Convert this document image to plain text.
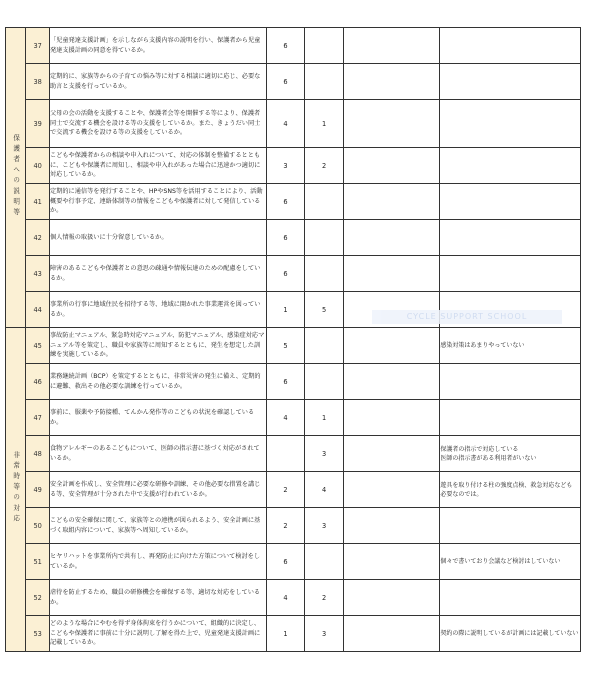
保護者への説明等	37	「児童発達支援計画」を示しながら支援内容の説明を行い、保護者から児童発達支援計画の同意を得ているか。	6			
	38	定期的に、家族等からの子育ての悩み等に対する相談に適切に応じ、必要な助言と支援を行っているか。	6			
	39	父母の会の活動を支援することや、保護者会等を開催する等により、保護者同士で交流する機会を設ける等の支援をしているか。また、きょうだい同士で交流する機会を設ける等の支援をしているか。	4	1		
	40	こどもや保護者からの相談や申入れについて、対応の体制を整備するとともに、こどもや保護者に周知し、相談や申入れがあった場合に迅速かつ適切に対応しているか。	3	2		
	41	定期的に通信等を発行することや、HPやSNS等を活用することにより、活動概要や行事予定、連絡体制等の情報をこどもや保護者に対して発信しているか。	6			
	42	個人情報の取扱いに十分留意しているか。	6			
	43	障害のあるこどもや保護者との意思の疎通や情報伝達のための配慮をしているか。	6			
	44	事業所の行事に地域住民を招待する等、地域に開かれた事業運営を図っているか。	1	5		
非常時等の対応	45	事故防止マニュアル、緊急時対応マニュアル、防犯マニュアル、感染症対応マニュアル等を策定し、職員や家族等に周知するとともに、発生を想定した訓練を実施しているか。	5			感染対策はあまりやっていない
	46	業務継続計画（BCP）を策定するとともに、非常災害の発生に備え、定期的に避難、救出その他必要な訓練を行っているか。	6			
	47	事前に、服薬や予防接種、てんかん発作等のこどもの状況を確認しているか。	4	1		
	48	食物アレルギーのあるこどもについて、医師の指示書に基づく対応がされているか。		3		保護者の指示で対応している
医師の指示書がある利用者がいない
	49	安全計画を作成し、安全管理に必要な研修や訓練、その他必要な措置を講じる等、安全管理が十分された中で支援が行われているか。	2	4		遊具を取り付ける柱の強度点検、救急対応なども
必要なのでは。
	50	こどもの安全確保に関して、家族等との連携が図られるよう、安全計画に基づく取組内容について、家族等へ周知しているか。	2	3		
	51	ヒヤリハットを事業所内で共有し、再発防止に向けた方策について検討をしているか。	6			個々で書いており会議など検討はしていない
	52	虐待を防止するため、職員の研修機会を確保する等、適切な対応をしているか。	4	2		
	53	どのような場合にやむを得ず身体拘束を行うかについて、組織的に決定し、こどもや保護者に事前に十分に説明し了解を得た上で、児童発達支援計画に記載しているか。	1	3		契約の際に説明しているが計画には記載していない
CYCLE SUPPORT SCHOOL
